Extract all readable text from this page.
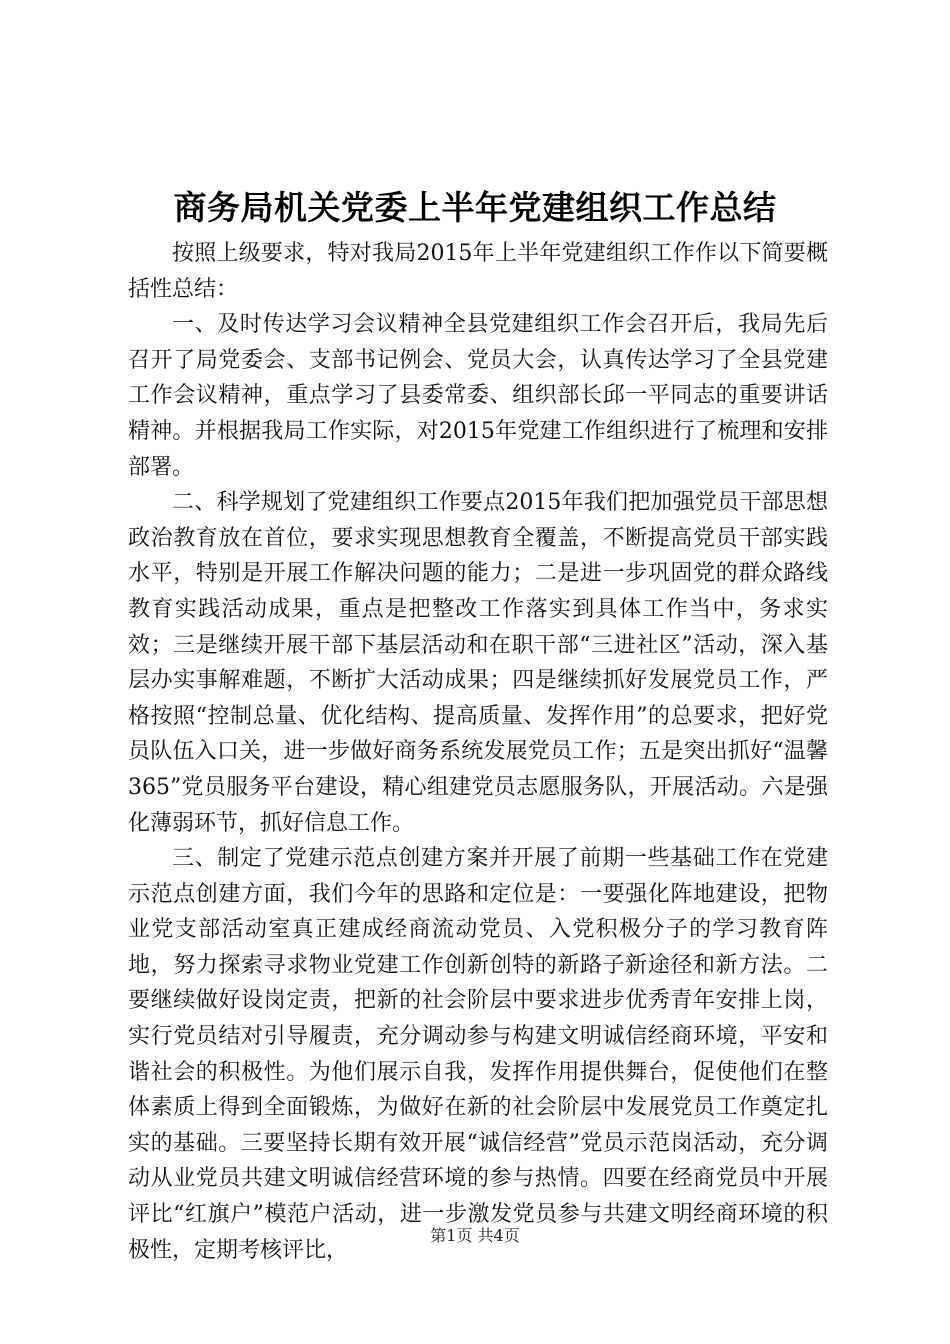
商务局机关党委上半年党建组织工作总结

按照上级要求，特对我局2015年上半年党建组织工作作以下简要概括性总结：

一、及时传达学习会议精神全县党建组织工作会召开后，我局先后召开了局党委会、支部书记例会、党员大会，认真传达学习了全县党建工作会议精神，重点学习了县委常委、组织部长邱一平同志的重要讲话精神。并根据我局工作实际，对2015年党建工作组织进行了梳理和安排部署。

二、科学规划了党建组织工作要点2015年我们把加强党员干部思想政治教育放在首位，要求实现思想教育全覆盖，不断提高党员干部实践水平，特别是开展工作解决问题的能力；二是进一步巩固党的群众路线教育实践活动成果，重点是把整改工作落实到具体工作当中，务求实效；三是继续开展干部下基层活动和在职干部“三进社区”活动，深入基层办实事解难题，不断扩大活动成果；四是继续抓好发展党员工作，严格按照“控制总量、优化结构、提高质量、发挥作用”的总要求，把好党员队伍入口关，进一步做好商务系统发展党员工作；五是突出抓好“温馨365”党员服务平台建设，精心组建党员志愿服务队，开展活动。六是强化薄弱环节，抓好信息工作。

三、制定了党建示范点创建方案并开展了前期一些基础工作在党建示范点创建方面，我们今年的思路和定位是：一要强化阵地建设，把物业党支部活动室真正建成经商流动党员、入党积极分子的学习教育阵地，努力探索寻求物业党建工作创新创特的新路子新途径和新方法。二要继续做好设岗定责，把新的社会阶层中要求进步优秀青年安排上岗，实行党员结对引导履责，充分调动参与构建文明诚信经商环境，平安和谐社会的积极性。为他们展示自我，发挥作用提供舞台，促使他们在整体素质上得到全面锻炼，为做好在新的社会阶层中发展党员工作奠定扎实的基础。三要坚持长期有效开展“诚信经营”党员示范岗活动，充分调动从业党员共建文明诚信经营环境的参与热情。四要在经商党员中开展评比“红旗户”模范户活动，进一步激发党员参与共建文明经商环境的积极性，定期考核评比，

第1页 共4页
